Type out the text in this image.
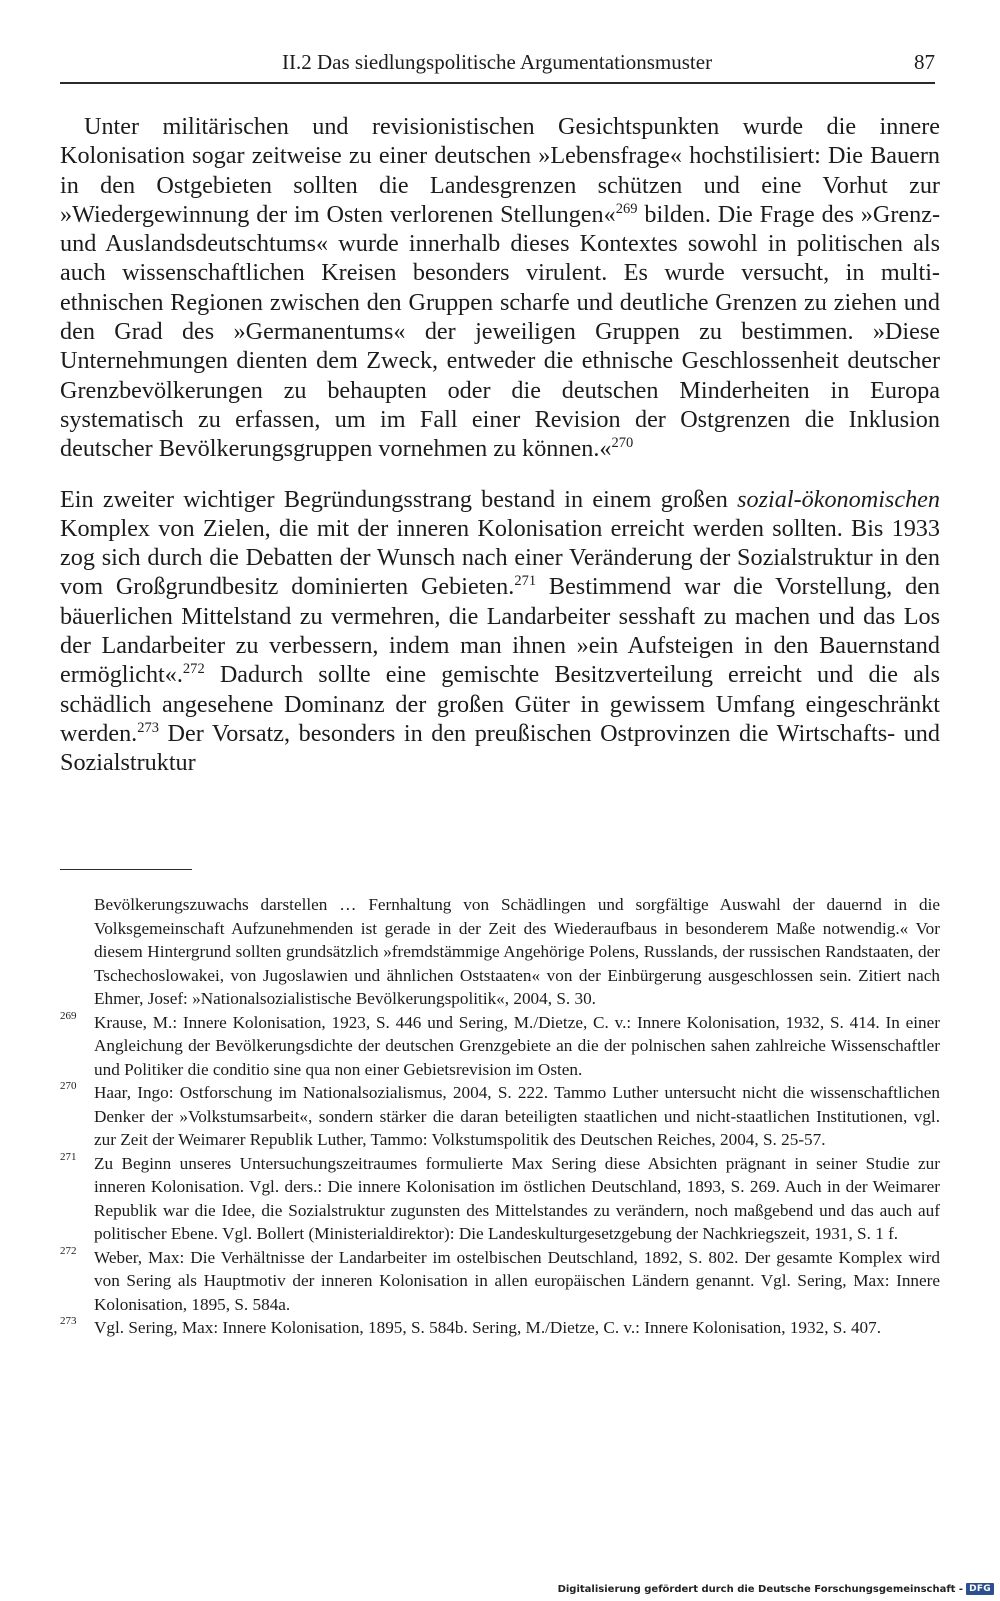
II.2 Das siedlungspolitische Argumentationsmuster	87

Unter militärischen und revisionistischen Gesichtspunkten wurde die innere Kolonisation sogar zeitweise zu einer deutschen »Lebensfrage« hochstilisiert: Die Bauern in den Ostgebieten sollten die Landesgrenzen schützen und eine Vorhut zur »Wiedergewinnung der im Osten verlorenen Stellungen«$^{269}$ bilden. Die Frage des »Grenz- und Auslandsdeutschtums« wurde innerhalb dieses Kontextes sowohl in politischen als auch wissenschaftlichen Kreisen besonders virulent. Es wurde versucht, in multi-ethnischen Regionen zwischen den Gruppen scharfe und deutliche Grenzen zu ziehen und den Grad des »Germanentums« der jeweiligen Gruppen zu bestimmen. »Diese Unternehmungen dienten dem Zweck, entweder die ethnische Geschlossenheit deutscher Grenzbevölkerungen zu behaupten oder die deutschen Minderheiten in Europa systematisch zu erfassen, um im Fall einer Revision der Ostgrenzen die Inklusion deutscher Bevölkerungsgruppen vornehmen zu können.«$^{270}$

Ein zweiter wichtiger Begründungsstrang bestand in einem großen sozial-ökonomischen Komplex von Zielen, die mit der inneren Kolonisation erreicht werden sollten. Bis 1933 zog sich durch die Debatten der Wunsch nach einer Veränderung der Sozialstruktur in den vom Großgrundbesitz dominierten Gebieten.$^{271}$ Bestimmend war die Vorstellung, den bäuerlichen Mittelstand zu vermehren, die Landarbeiter sesshaft zu machen und das Los der Landarbeiter zu verbessern, indem man ihnen »ein Aufsteigen in den Bauernstand ermöglicht«.$^{272}$ Dadurch sollte eine gemischte Besitzverteilung erreicht und die als schädlich angesehene Dominanz der großen Güter in gewissem Umfang eingeschränkt werden.$^{273}$ Der Vorsatz, besonders in den preußischen Ostprovinzen die Wirtschafts- und Sozialstruktur

Bevölkerungszuwachs darstellen … Fernhaltung von Schädlingen und sorgfältige Auswahl der dauernd in die Volksgemeinschaft Aufzunehmenden ist gerade in der Zeit des Wiederaufbaus in besonderem Maße notwendig.« Vor diesem Hintergrund sollten grundsätzlich »fremdstämmige Angehörige Polens, Russlands, der russischen Randstaaten, der Tschechoslowakei, von Jugoslawien und ähnlichen Oststaaten« von der Einbürgerung ausgeschlossen sein. Zitiert nach Ehmer, Josef: »Nationalsozialistische Bevölkerungspolitik«, 2004, S. 30.

269 Krause, M.: Innere Kolonisation, 1923, S. 446 und Sering, M./Dietze, C. v.: Innere Kolonisation, 1932, S. 414. In einer Angleichung der Bevölkerungsdichte der deutschen Grenzgebiete an die der polnischen sahen zahlreiche Wissenschaftler und Politiker die conditio sine qua non einer Gebietsrevision im Osten.

270 Haar, Ingo: Ostforschung im Nationalsozialismus, 2004, S. 222. Tammo Luther untersucht nicht die wissenschaftlichen Denker der »Volkstumsarbeit«, sondern stärker die daran beteiligten staatlichen und nicht-staatlichen Institutionen, vgl. zur Zeit der Weimarer Republik Luther, Tammo: Volkstumspolitik des Deutschen Reiches, 2004, S. 25-57.

271 Zu Beginn unseres Untersuchungszeitraumes formulierte Max Sering diese Absichten prägnant in seiner Studie zur inneren Kolonisation. Vgl. ders.: Die innere Kolonisation im östlichen Deutschland, 1893, S. 269. Auch in der Weimarer Republik war die Idee, die Sozialstruktur zugunsten des Mittelstandes zu verändern, noch maßgebend und das auch auf politischer Ebene. Vgl. Bollert (Ministerialdirektor): Die Landeskulturgesetzgebung der Nachkriegszeit, 1931, S. 1 f.

272 Weber, Max: Die Verhältnisse der Landarbeiter im ostelbischen Deutschland, 1892, S. 802. Der gesamte Komplex wird von Sering als Hauptmotiv der inneren Kolonisation in allen europäischen Ländern genannt. Vgl. Sering, Max: Innere Kolonisation, 1895, S. 584a.

273 Vgl. Sering, Max: Innere Kolonisation, 1895, S. 584b. Sering, M./Dietze, C. v.: Innere Kolonisation, 1932, S. 407.

Digitalisierung gefördert durch die Deutsche Forschungsgemeinschaft - DFG
